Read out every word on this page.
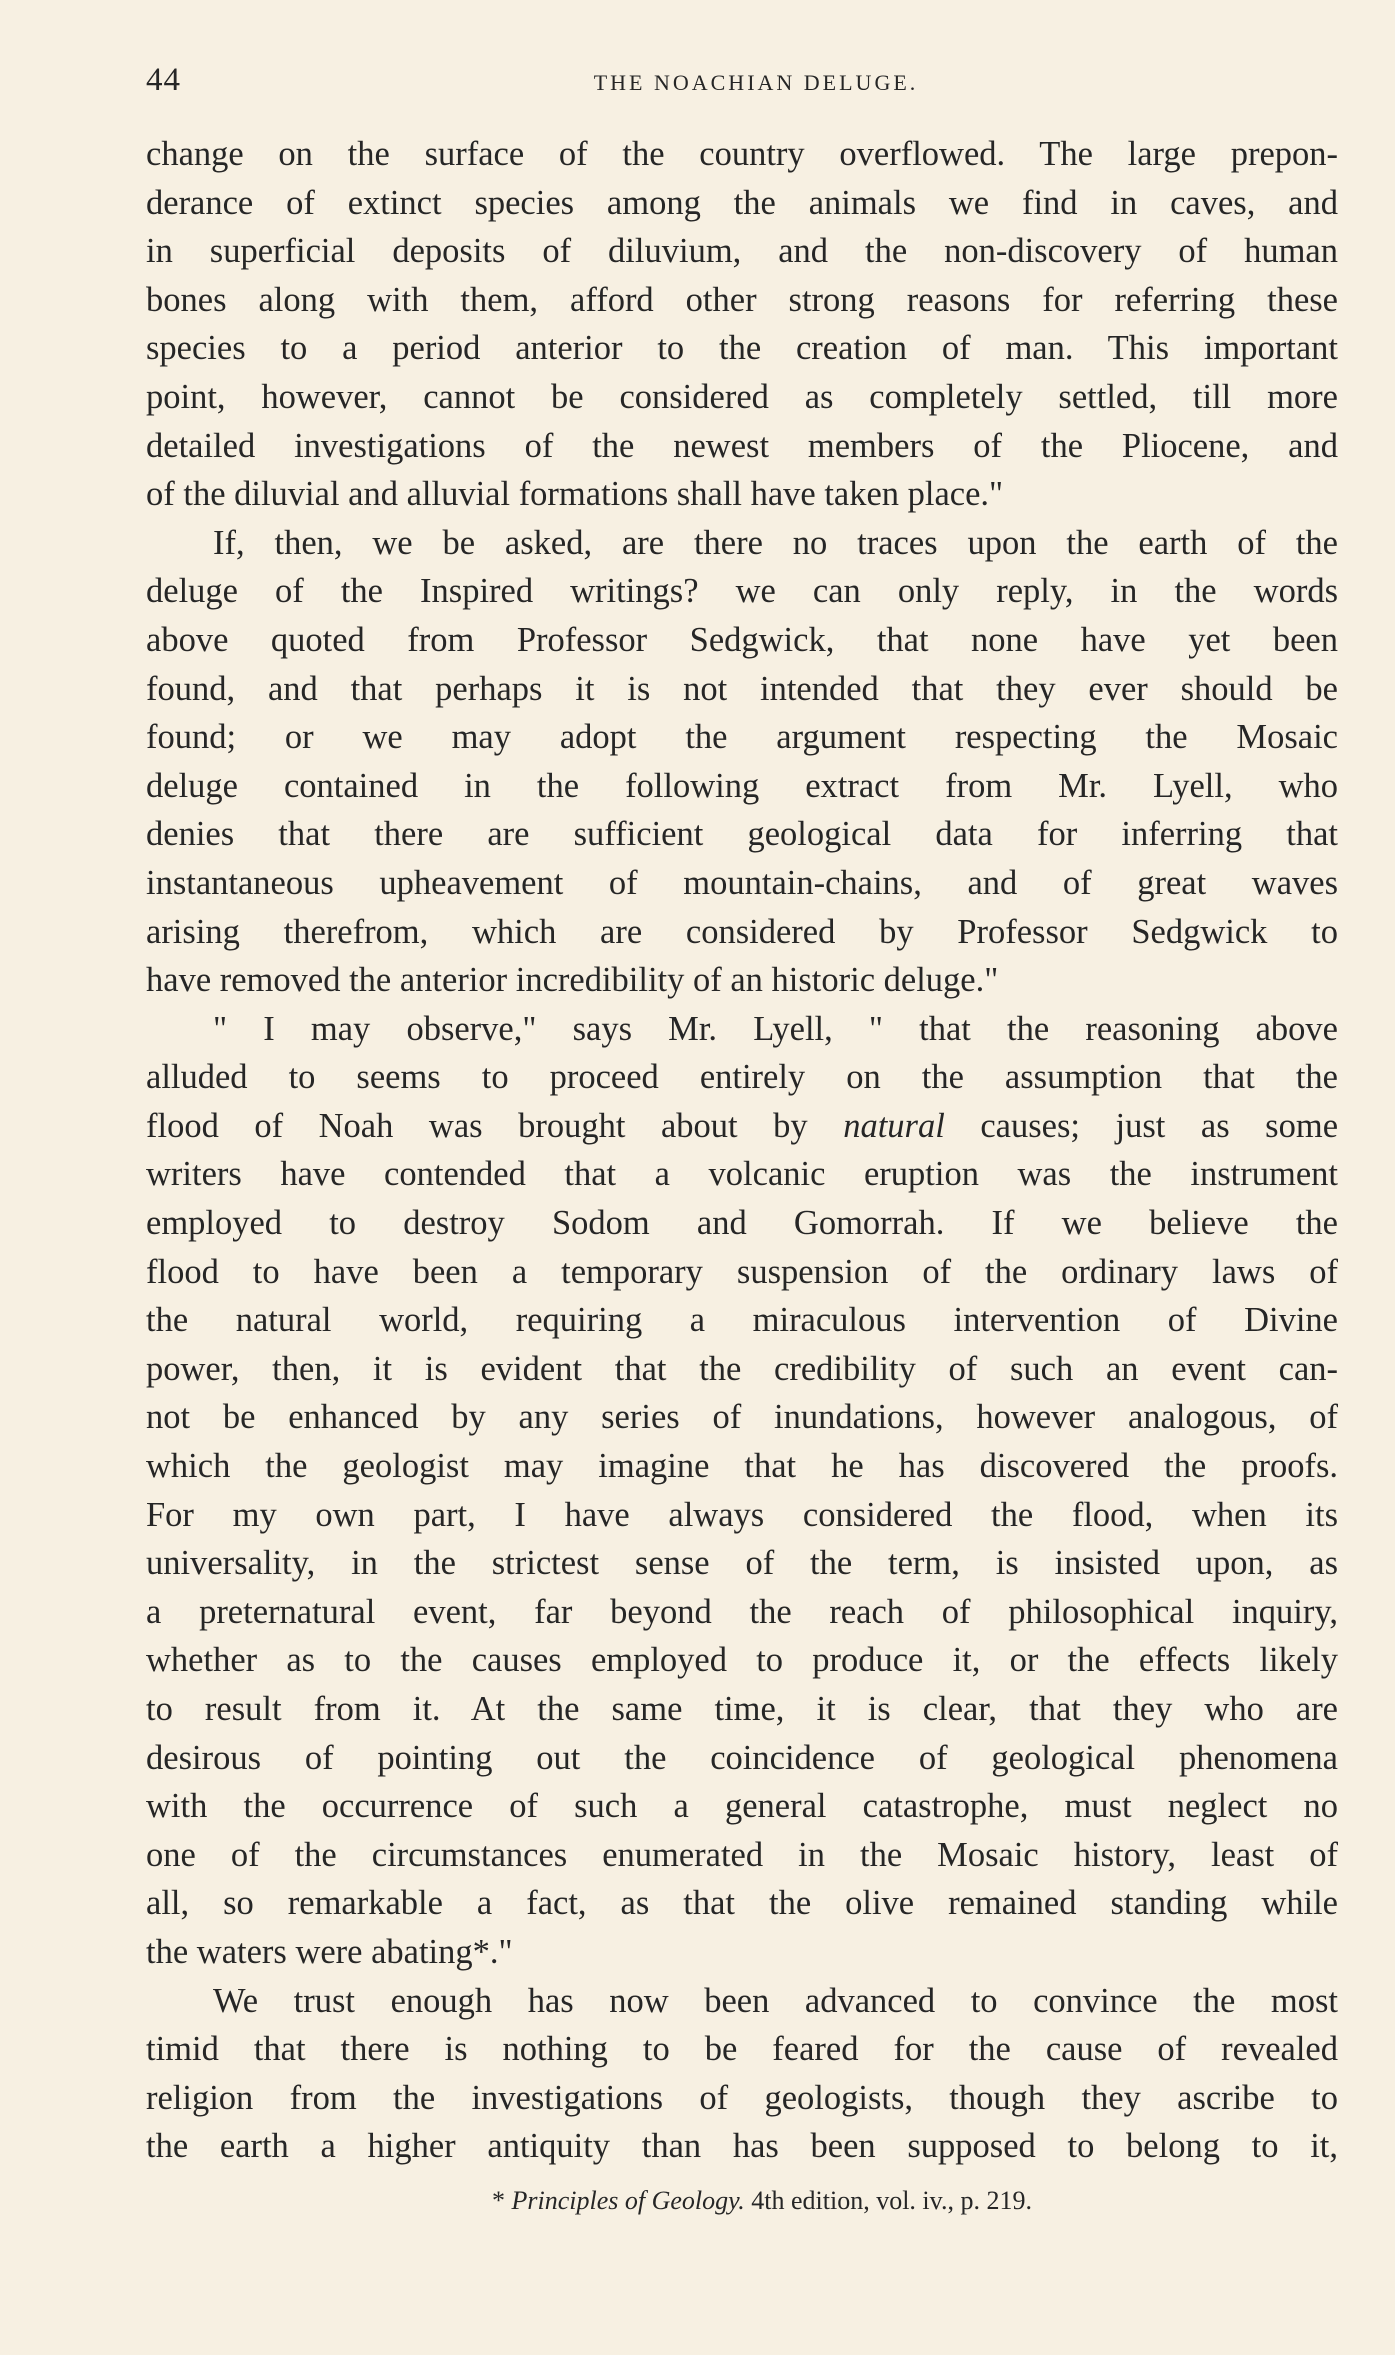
44	THE NOACHIAN DELUGE.
change on the surface of the country overflowed. The large prepon-
derance of extinct species among the animals we find in caves, and
in superficial deposits of diluvium, and the non-discovery of human
bones along with them, afford other strong reasons for referring these
species to a period anterior to the creation of man. This important
point, however, cannot be considered as completely settled, till more
detailed investigations of the newest members of the Pliocene, and
of the diluvial and alluvial formations shall have taken place."
If, then, we be asked, are there no traces upon the earth of the
deluge of the Inspired writings? we can only reply, in the words
above quoted from Professor Sedgwick, that none have yet been
found, and that perhaps it is not intended that they ever should be
found; or we may adopt the argument respecting the Mosaic
deluge contained in the following extract from Mr. Lyell, who
denies that there are sufficient geological data for inferring that
instantaneous upheavement of mountain-chains, and of great waves
arising therefrom, which are considered by Professor Sedgwick to
have removed the anterior incredibility of an historic deluge."
" I may observe," says Mr. Lyell, " that the reasoning above
alluded to seems to proceed entirely on the assumption that the
flood of Noah was brought about by natural causes; just as some
writers have contended that a volcanic eruption was the instrument
employed to destroy Sodom and Gomorrah. If we believe the
flood to have been a temporary suspension of the ordinary laws of
the natural world, requiring a miraculous intervention of Divine
power, then, it is evident that the credibility of such an event can-
not be enhanced by any series of inundations, however analogous, of
which the geologist may imagine that he has discovered the proofs.
For my own part, I have always considered the flood, when its
universality, in the strictest sense of the term, is insisted upon, as
a preternatural event, far beyond the reach of philosophical inquiry,
whether as to the causes employed to produce it, or the effects likely
to result from it. At the same time, it is clear, that they who are
desirous of pointing out the coincidence of geological phenomena
with the occurrence of such a general catastrophe, must neglect no
one of the circumstances enumerated in the Mosaic history, least of
all, so remarkable a fact, as that the olive remained standing while
the waters were abating*."
We trust enough has now been advanced to convince the most
timid that there is nothing to be feared for the cause of revealed
religion from the investigations of geologists, though they ascribe to
the earth a higher antiquity than has been supposed to belong to it,
* Principles of Geology. 4th edition, vol. iv., p. 219.
